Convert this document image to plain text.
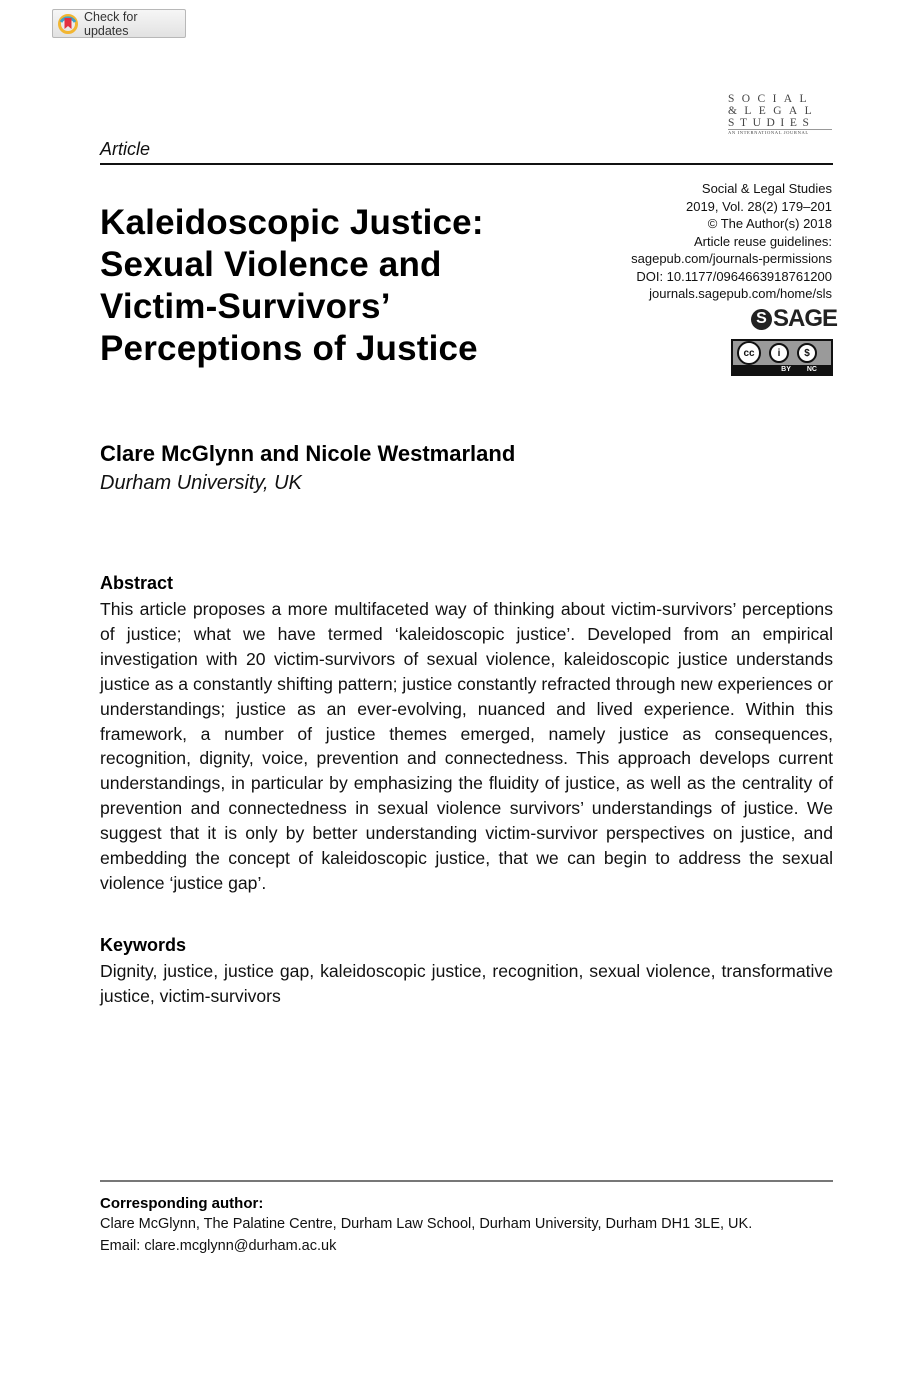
Check for updates
SOCIAL
&LEGAL
STUDIES
AN INTERNATIONAL JOURNAL
Article
Kaleidoscopic Justice: Sexual Violence and Victim-Survivors’ Perceptions of Justice
Social & Legal Studies
2019, Vol. 28(2) 179–201
© The Author(s) 2018
Article reuse guidelines:
sagepub.com/journals-permissions
DOI: 10.1177/0964663918761200
journals.sagepub.com/home/sls
S SAGE
cc	i	$
BY NC
Clare McGlynn and Nicole Westmarland
Durham University, UK
Abstract

This article proposes a more multifaceted way of thinking about victim-survivors’ perceptions of justice; what we have termed ‘kaleidoscopic justice’. Developed from an empirical investigation with 20 victim-survivors of sexual violence, kaleidoscopic justice understands justice as a constantly shifting pattern; justice constantly refracted through new experiences or understandings; justice as an ever-evolving, nuanced and lived experience. Within this framework, a number of justice themes emerged, namely justice as consequences, recognition, dignity, voice, prevention and connectedness. This approach develops current understandings, in particular by emphasizing the fluidity of justice, as well as the centrality of prevention and connectedness in sexual violence survivors’ understandings of justice. We suggest that it is only by better understanding victim-survivor perspectives on justice, and embedding the concept of kaleidoscopic justice, that we can begin to address the sexual violence ‘justice gap’.

Keywords

Dignity, justice, justice gap, kaleidoscopic justice, recognition, sexual violence, transformative justice, victim-survivors

Corresponding author:
Clare McGlynn, The Palatine Centre, Durham Law School, Durham University, Durham DH1 3LE, UK.
Email: clare.mcglynn@durham.ac.uk
